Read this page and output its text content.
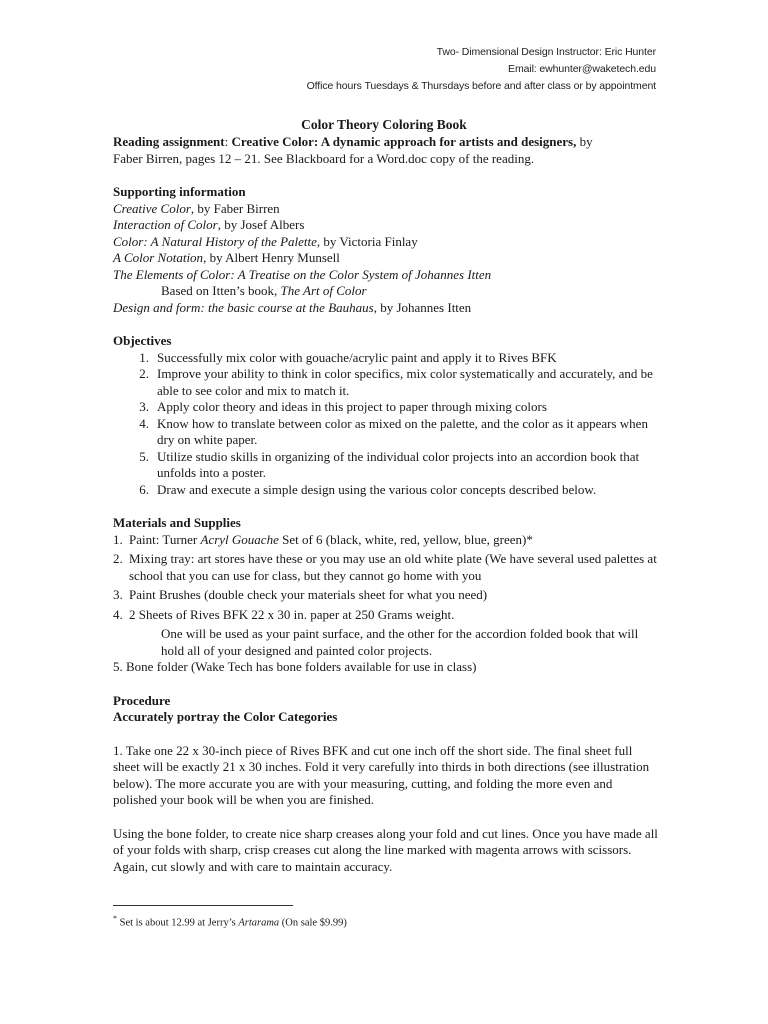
Two- Dimensional Design Instructor: Eric Hunter
Email: ewhunter@waketech.edu
Office hours Tuesdays & Thursdays before and after class or by appointment
Color Theory Coloring Book

Reading assignment: Creative Color: A dynamic approach for artists and designers, by

Faber Birren, pages 12 – 21. See Blackboard for a Word.doc copy of the reading.

Supporting information

Creative Color, by Faber Birren

Interaction of Color, by Josef Albers

Color: A Natural History of the Palette, by Victoria Finlay

A Color Notation, by Albert Henry Munsell

The Elements of Color: A Treatise on the Color System of Johannes Itten

Based on Itten’s book, The Art of Color

Design and form: the basic course at the Bauhaus, by Johannes Itten

Objectives

1. Successfully mix color with gouache/acrylic paint and apply it to Rives BFK
2. Improve your ability to think in color specifics, mix color systematically and accurately, and be able to see color and mix to match it.
3. Apply color theory and ideas in this project to paper through mixing colors
4. Know how to translate between color as mixed on the palette, and the color as it appears when dry on white paper.
5. Utilize studio skills in organizing of the individual color projects into an accordion book that unfolds into a poster.
6. Draw and execute a simple design using the various color concepts described below.

Materials and Supplies

1. Paint: Turner Acryl Gouache Set of 6 (black, white, red, yellow, blue, green)*
2. Mixing tray: art stores have these or you may use an old white plate (We have several used palettes at school that you can use for class, but they cannot go home with you
3. Paint Brushes (double check your materials sheet for what you need)
4. 2 Sheets of Rives BFK 22 x 30 in. paper at 250 Grams weight.

One will be used as your paint surface, and the other for the accordion folded book that will hold all of your designed and painted color projects.

5. Bone folder (Wake Tech has bone folders available for use in class)

Procedure

Accurately portray the Color Categories

1. Take one 22 x 30-inch piece of Rives BFK and cut one inch off the short side. The final sheet full sheet will be exactly 21 x 30 inches. Fold it very carefully into thirds in both directions (see illustration below). The more accurate you are with your measuring, cutting, and folding the more even and polished your book will be when you are finished.

Using the bone folder, to create nice sharp creases along your fold and cut lines. Once you have made all of your folds with sharp, crisp creases cut along the line marked with magenta arrows with scissors. Again, cut slowly and with care to maintain accuracy.

* Set is about 12.99 at Jerry’s Artarama (On sale $9.99)
